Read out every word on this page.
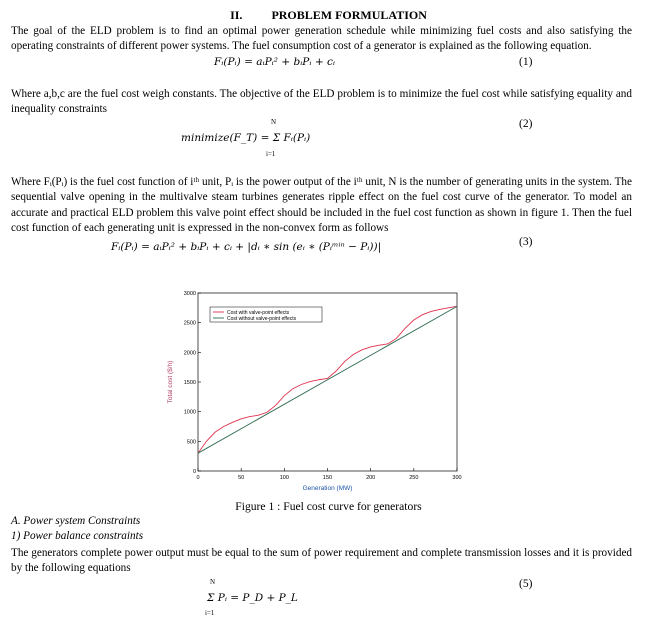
II. PROBLEM FORMULATION
The goal of the ELD problem is to find an optimal power generation schedule while minimizing fuel costs and also satisfying the operating constraints of different power systems. The fuel consumption cost of a generator is explained as the following equation.
Fᵢ(Pᵢ) = aᵢPᵢ² + bᵢPᵢ + cᵢ	(1)
Where a,b,c are the fuel cost weigh constants. The objective of the ELD problem is to minimize the fuel cost while satisfying equality and inequality constraints
minimize(F_T) = Σ Fᵢ(Pᵢ)
N
i=1
(2)
Where Fᵢ(Pᵢ) is the fuel cost function of iᵗʰ unit, Pᵢ is the power output of the iᵗʰ unit, N is the number of generating units in the system. The sequential valve opening in the multivalve steam turbines generates ripple effect on the fuel cost curve of the generator. To model an accurate and practical ELD problem this valve point effect should be included in the fuel cost function as shown in figure 1. Then the fuel cost function of each generating unit is expressed in the non-convex form as follows
Fᵢ(Pᵢ) = aᵢPᵢ² + bᵢPᵢ + cᵢ + |dᵢ ∗ sin (eᵢ ∗ (Pᵢᵐⁱⁿ − Pᵢ))|	(3)
0	50	100	150	200	250	300
0
500
1000
1500
2000
2500
3000
Generation (MW)
Total cost ($/h)
Cost with valve-point effects
Cost without valve-point effects
Figure 1 : Fuel cost curve for generators
A. Power system Constraints
1) Power balance constraints
The generators complete power output must be equal to the sum of power requirement and complete transmission losses and it is provided by the following equations
Σ Pᵢ = P_D + P_L
N
i=1
(5)
